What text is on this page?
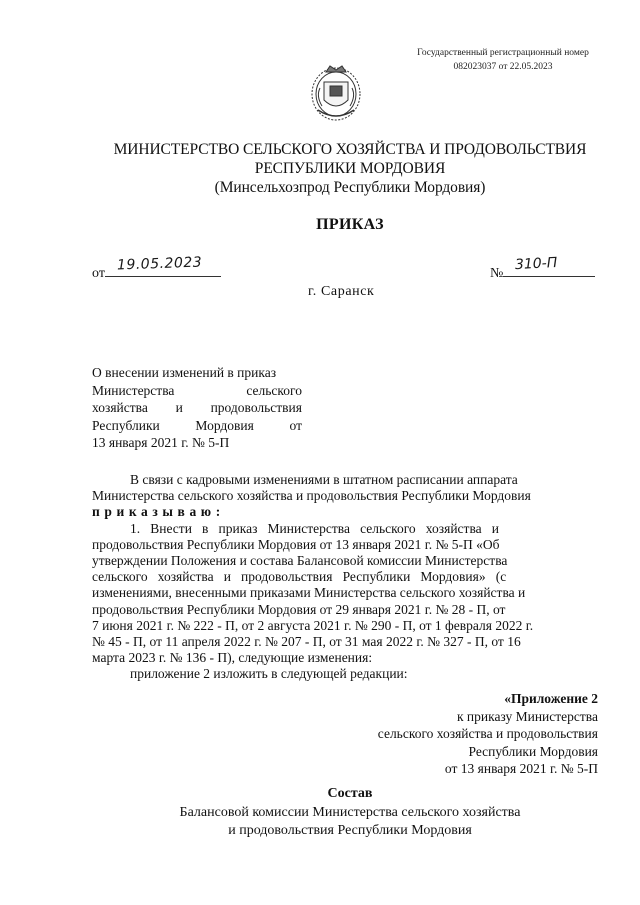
Государственный регистрационный номер
082023037 от 22.05.2023
МИНИСТЕРСТВО СЕЛЬСКОГО ХОЗЯЙСТВА И ПРОДОВОЛЬСТВИЯ
РЕСПУБЛИКИ МОРДОВИЯ
(Минсельхозпрод Республики Мордовия)
ПРИКАЗ
от
19.05.2023
№
310-П
г. Саранск
О внесении изменений в приказ
Министерства	сельского
хозяйства и продовольствия
Республики	Мордовия	от
13 января 2021 г. № 5-П
В связи с кадровыми изменениями в штатном расписании аппарата
Министерства сельского хозяйства и продовольствия Республики Мордовия
приказываю:
1.   Внести   в   приказ   Министерства   сельского   хозяйства   и
продовольствия Республики Мордовия от 13 января 2021 г. № 5-П «Об
утверждении Положения и состава Балансовой комиссии Министерства
сельского   хозяйства   и   продовольствия   Республики   Мордовия»   (с
изменениями, внесенными приказами Министерства сельского хозяйства и
продовольствия Республики Мордовия от 29 января 2021 г. № 28 - П, от
7 июня 2021 г. № 222 - П, от 2 августа 2021 г. № 290 - П, от 1 февраля 2022 г.
№ 45 - П, от 11 апреля 2022 г. № 207 - П, от 31 мая 2022 г. № 327 - П, от 16
марта 2023 г. № 136 - П), следующие изменения:
приложение 2 изложить в следующей редакции:
«Приложение 2
к приказу Министерства
сельского хозяйства и продовольствия
Республики Мордовия
от 13 января 2021 г. № 5-П
Состав
Балансовой комиссии Министерства сельского хозяйства
и продовольствия Республики Мордовия
